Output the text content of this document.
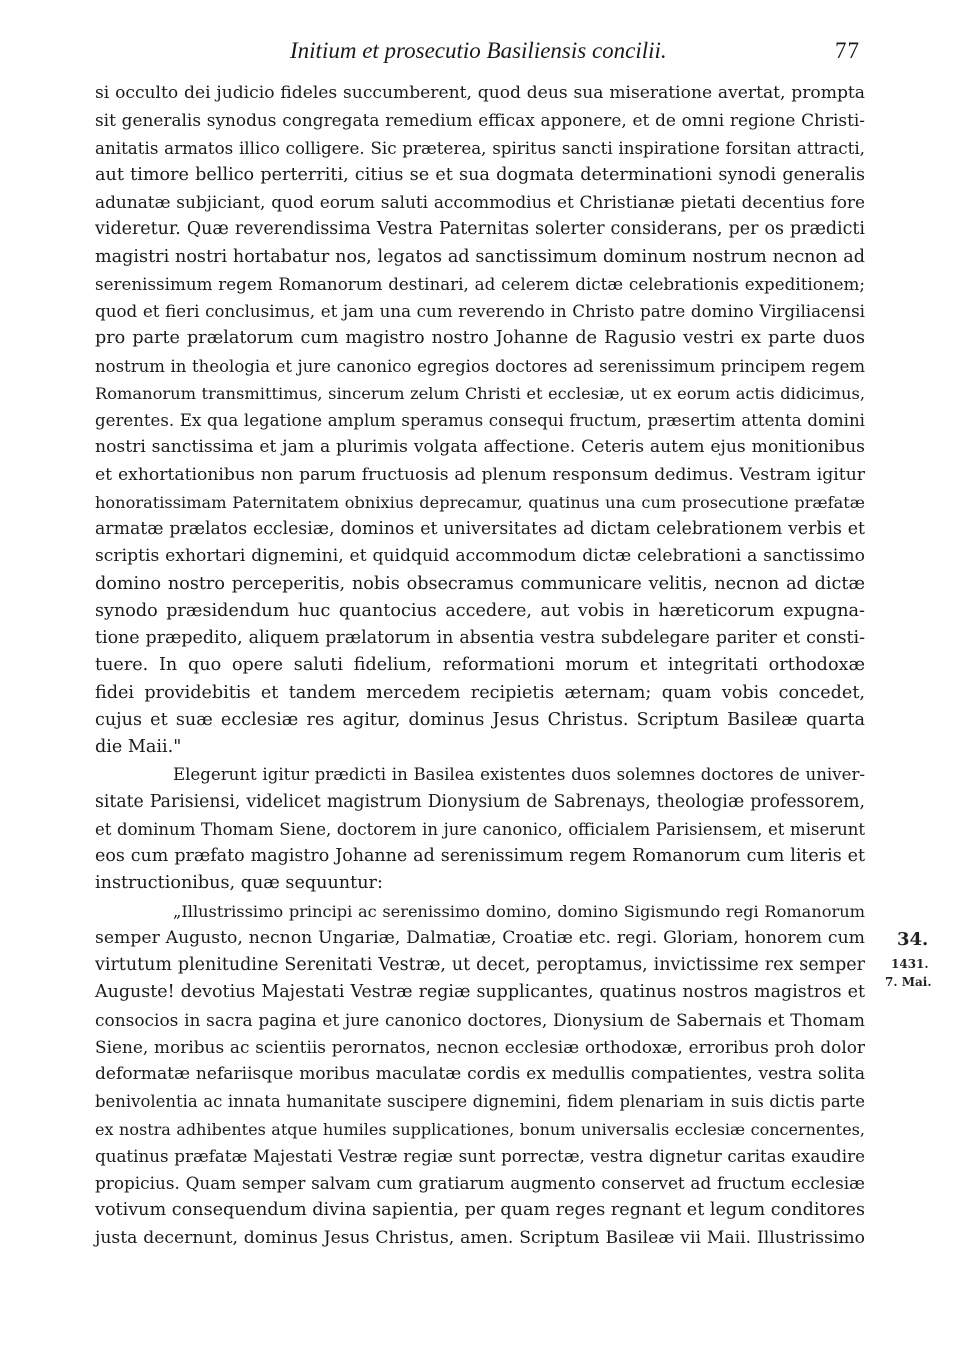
Initium et prosecutio Basiliensis concilii.	77
si occulto dei judicio fideles succumberent, quod deus sua miseratione avertat, prompta
sit generalis synodus congregata remedium efficax apponere, et de omni regione Christi-
anitatis armatos illico colligere. Sic præterea, spiritus sancti inspiratione forsitan attracti,
aut timore bellico perterriti, citius se et sua dogmata determinationi synodi generalis
adunatæ subjiciant, quod eorum saluti accommodius et Christianæ pietati decentius fore
videretur. Quæ reverendissima Vestra Paternitas solerter considerans, per os prædicti
magistri nostri hortabatur nos, legatos ad sanctissimum dominum nostrum necnon ad
serenissimum regem Romanorum destinari, ad celerem dictæ celebrationis expeditionem;
quod et fieri conclusimus, et jam una cum reverendo in Christo patre domino Virgiliacensi
pro parte prælatorum cum magistro nostro Johanne de Ragusio vestri ex parte duos
nostrum in theologia et jure canonico egregios doctores ad serenissimum principem regem
Romanorum transmittimus, sincerum zelum Christi et ecclesiæ, ut ex eorum actis didicimus,
gerentes. Ex qua legatione amplum speramus consequi fructum, præsertim attenta domini
nostri sanctissima et jam a plurimis volgata affectione. Ceteris autem ejus monitionibus
et exhortationibus non parum fructuosis ad plenum responsum dedimus. Vestram igitur
honoratissimam Paternitatem obnixius deprecamur, quatinus una cum prosecutione præfatæ
armatæ prælatos ecclesiæ, dominos et universitates ad dictam celebrationem verbis et
scriptis exhortari dignemini, et quidquid accommodum dictæ celebrationi a sanctissimo
domino nostro perceperitis, nobis obsecramus communicare velitis, necnon ad dictæ
synodo præsidendum huc quantocius accedere, aut vobis in hæreticorum expugna-
tione præpedito, aliquem prælatorum in absentia vestra subdelegare pariter et consti-
tuere. In quo opere saluti fidelium, reformationi morum et integritati orthodoxæ
fidei providebitis et tandem mercedem recipietis æternam; quam vobis concedet,
cujus et suæ ecclesiæ res agitur, dominus Jesus Christus. Scriptum Basileæ quarta
die Maii."
Elegerunt igitur prædicti in Basilea existentes duos solemnes doctores de univer-
sitate Parisiensi, videlicet magistrum Dionysium de Sabrenays, theologiæ professorem,
et dominum Thomam Siene, doctorem in jure canonico, officialem Parisiensem, et miserunt
eos cum præfato magistro Johanne ad serenissimum regem Romanorum cum literis et
instructionibus, quæ sequuntur:
„Illustrissimo principi ac serenissimo domino, domino Sigismundo regi Romanorum
semper Augusto, necnon Ungariæ, Dalmatiæ, Croatiæ etc. regi. Gloriam, honorem cum
virtutum plenitudine Serenitati Vestræ, ut decet, peroptamus, invictissime rex semper
Auguste! devotius Majestati Vestræ regiæ supplicantes, quatinus nostros magistros et
consocios in sacra pagina et jure canonico doctores, Dionysium de Sabernais et Thomam
Siene, moribus ac scientiis perornatos, necnon ecclesiæ orthodoxæ, erroribus proh dolor
deformatæ nefariisque moribus maculatæ cordis ex medullis compatientes, vestra solita
benivolentia ac innata humanitate suscipere dignemini, fidem plenariam in suis dictis parte
ex nostra adhibentes atque humiles supplicationes, bonum universalis ecclesiæ concernentes,
quatinus præfatæ Majestati Vestræ regiæ sunt porrectæ, vestra dignetur caritas exaudire
propicius. Quam semper salvam cum gratiarum augmento conservet ad fructum ecclesiæ
votivum consequendum divina sapientia, per quam reges regnant et legum conditores
justa decernunt, dominus Jesus Christus, amen. Scriptum Basileæ vii Maii. Illustrissimo
34.
1431.
7. Mai.
